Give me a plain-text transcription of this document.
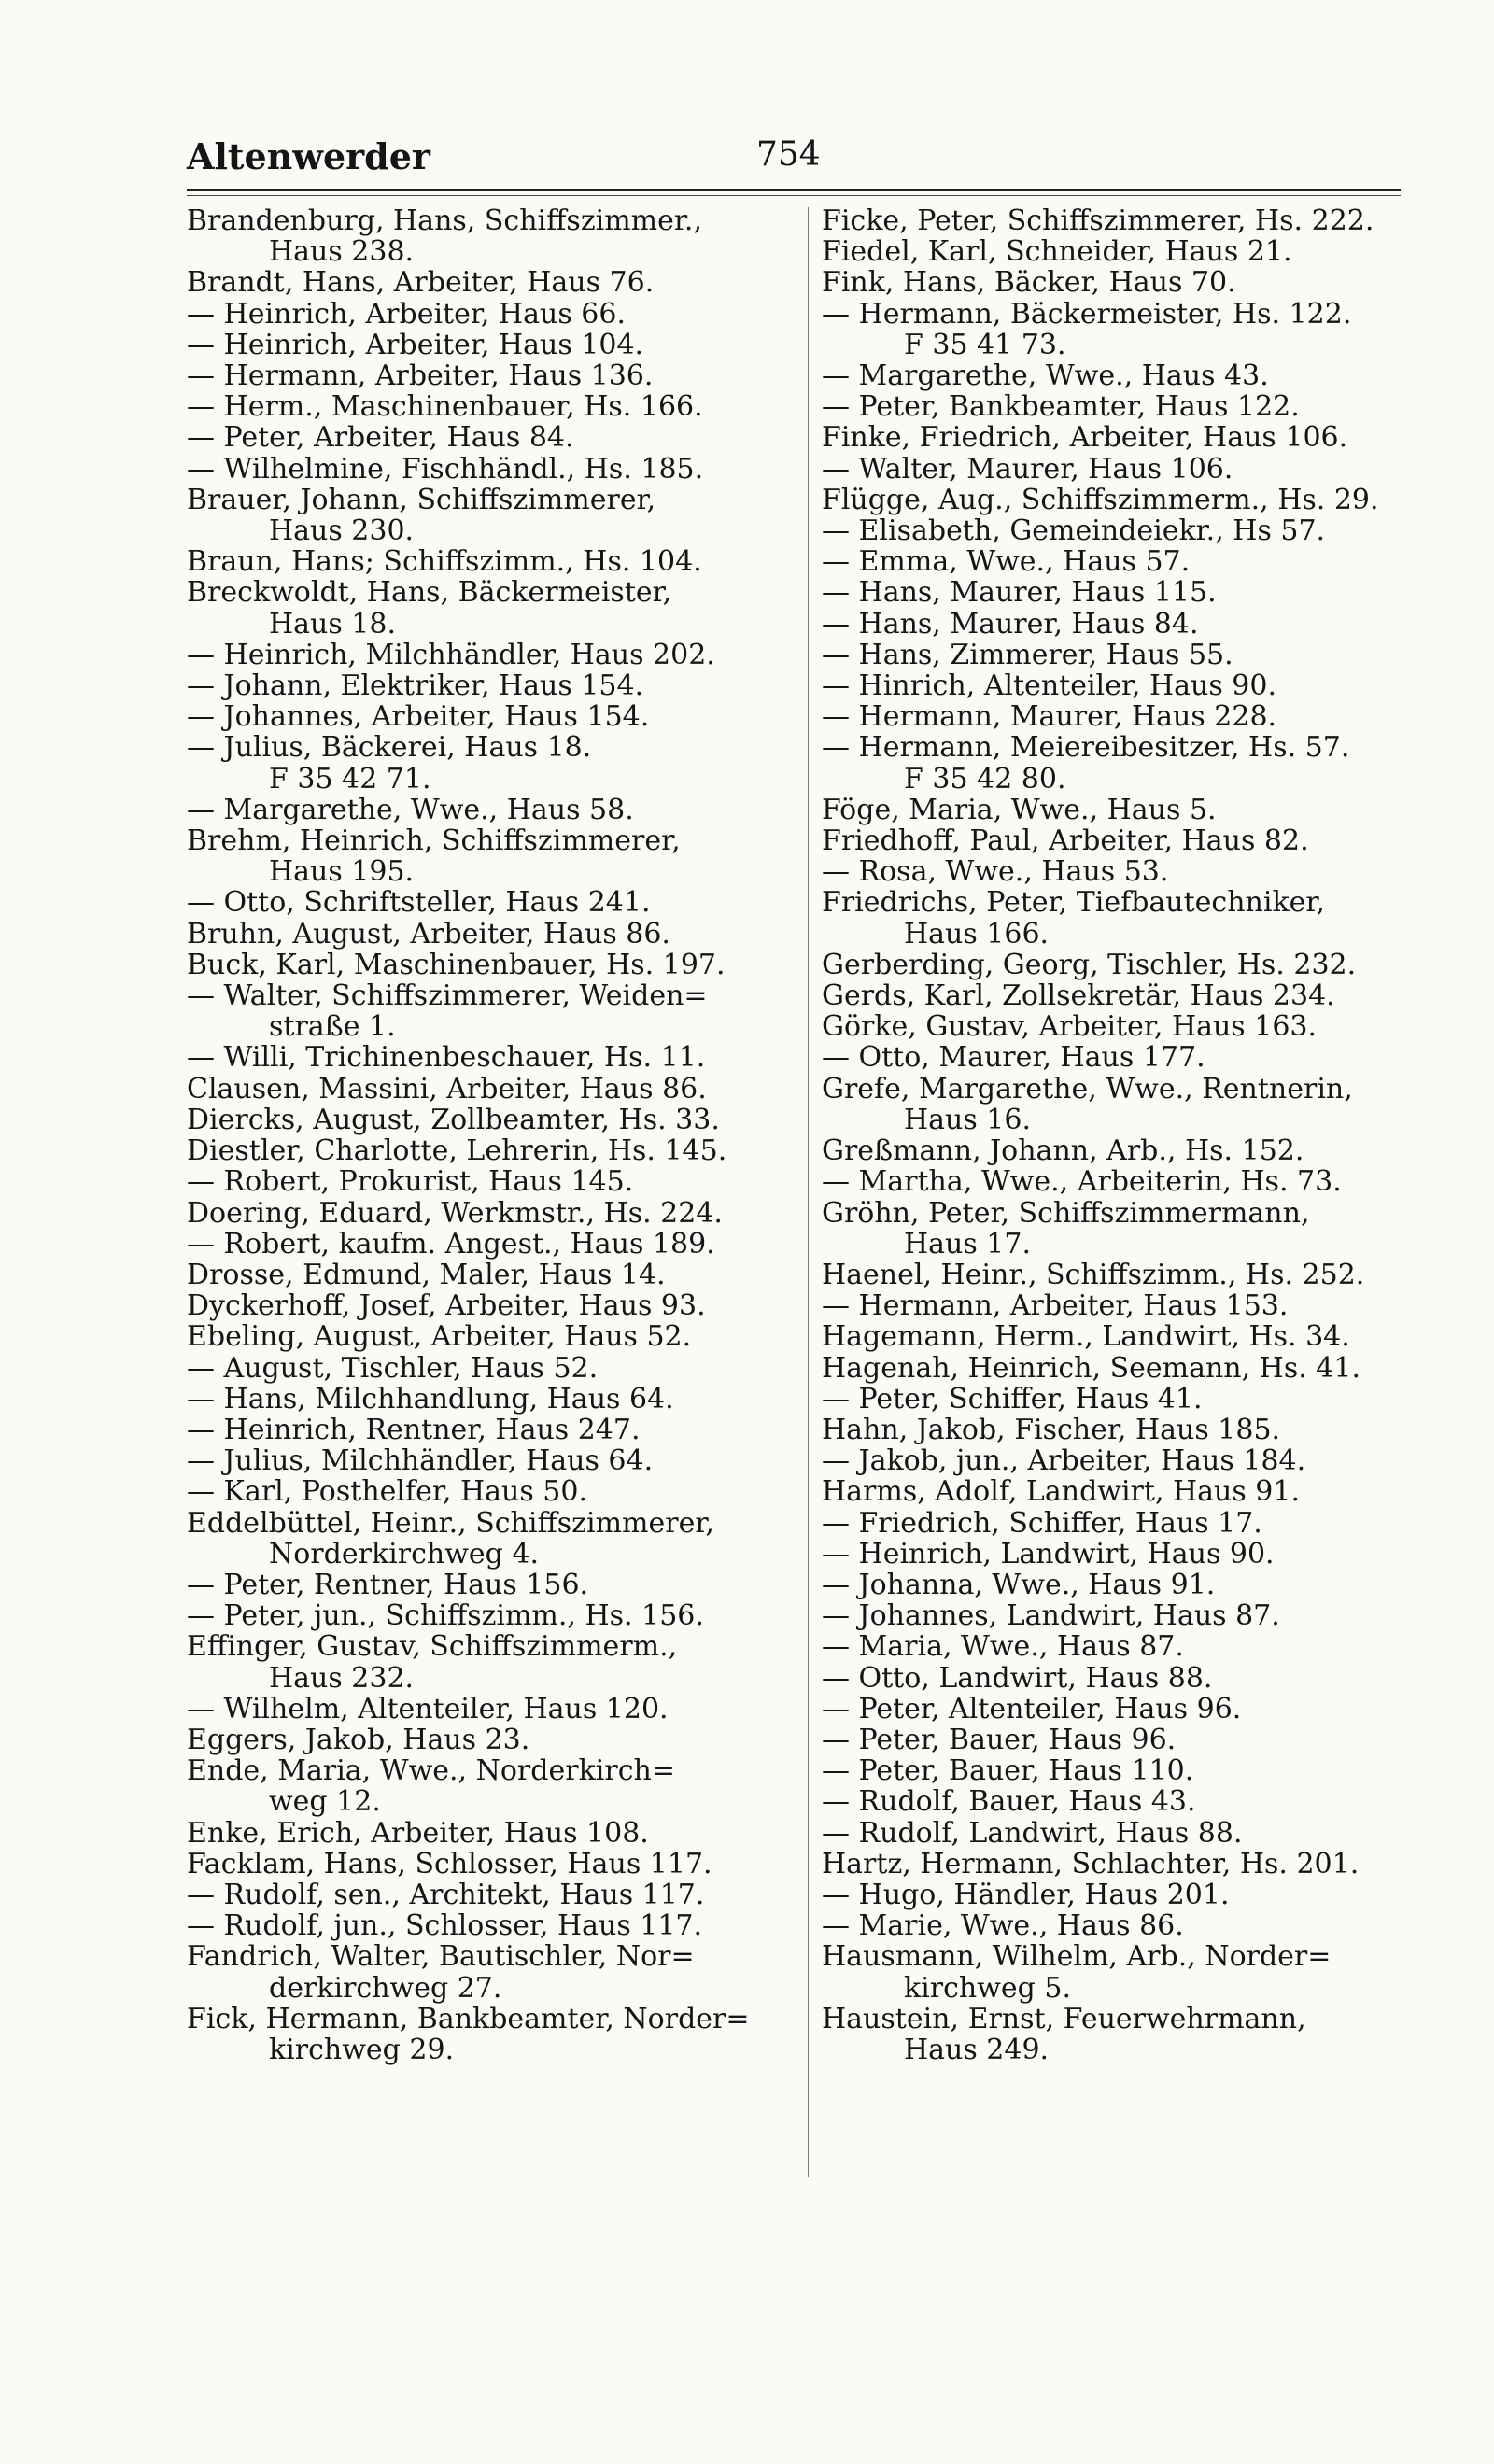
Altenwerder	754
Brandenburg, Hans, Schiffszimmer.,
Haus 238.
Brandt, Hans, Arbeiter, Haus 76.
— Heinrich, Arbeiter, Haus 66.
— Heinrich, Arbeiter, Haus 104.
— Hermann, Arbeiter, Haus 136.
— Herm., Maschinenbauer, Hs. 166.
— Peter, Arbeiter, Haus 84.
— Wilhelmine, Fischhändl., Hs. 185.
Brauer, Johann, Schiffszimmerer,
Haus 230.
Braun, Hans; Schiffszimm., Hs. 104.
Breckwoldt, Hans, Bäckermeister,
Haus 18.
— Heinrich, Milchhändler, Haus 202.
— Johann, Elektriker, Haus 154.
— Johannes, Arbeiter, Haus 154.
— Julius, Bäckerei, Haus 18.
F 35 42 71.
— Margarethe, Wwe., Haus 58.
Brehm, Heinrich, Schiffszimmerer,
Haus 195.
— Otto, Schriftsteller, Haus 241.
Bruhn, August, Arbeiter, Haus 86.
Buck, Karl, Maschinenbauer, Hs. 197.
— Walter, Schiffszimmerer, Weiden=
straße 1.
— Willi, Trichinenbeschauer, Hs. 11.
Clausen, Massini, Arbeiter, Haus 86.
Diercks, August, Zollbeamter, Hs. 33.
Diestler, Charlotte, Lehrerin, Hs. 145.
— Robert, Prokurist, Haus 145.
Doering, Eduard, Werkmstr., Hs. 224.
— Robert, kaufm. Angest., Haus 189.
Drosse, Edmund, Maler, Haus 14.
Dyckerhoff, Josef, Arbeiter, Haus 93.
Ebeling, August, Arbeiter, Haus 52.
— August, Tischler, Haus 52.
— Hans, Milchhandlung, Haus 64.
— Heinrich, Rentner, Haus 247.
— Julius, Milchhändler, Haus 64.
— Karl, Posthelfer, Haus 50.
Eddelbüttel, Heinr., Schiffszimmerer,
Norderkirchweg 4.
— Peter, Rentner, Haus 156.
— Peter, jun., Schiffszimm., Hs. 156.
Effinger, Gustav, Schiffszimmerm.,
Haus 232.
— Wilhelm, Altenteiler, Haus 120.
Eggers, Jakob, Haus 23.
Ende, Maria, Wwe., Norderkirch=
weg 12.
Enke, Erich, Arbeiter, Haus 108.
Facklam, Hans, Schlosser, Haus 117.
— Rudolf, sen., Architekt, Haus 117.
— Rudolf, jun., Schlosser, Haus 117.
Fandrich, Walter, Bautischler, Nor=
derkirchweg 27.
Fick, Hermann, Bankbeamter, Norder=
kirchweg 29.
Ficke, Peter, Schiffszimmerer, Hs. 222.
Fiedel, Karl, Schneider, Haus 21.
Fink, Hans, Bäcker, Haus 70.
— Hermann, Bäckermeister, Hs. 122.
F 35 41 73.
— Margarethe, Wwe., Haus 43.
— Peter, Bankbeamter, Haus 122.
Finke, Friedrich, Arbeiter, Haus 106.
— Walter, Maurer, Haus 106.
Flügge, Aug., Schiffszimmerm., Hs. 29.
— Elisabeth, Gemeindeiekr., Hs 57.
— Emma, Wwe., Haus 57.
— Hans, Maurer, Haus 115.
— Hans, Maurer, Haus 84.
— Hans, Zimmerer, Haus 55.
— Hinrich, Altenteiler, Haus 90.
— Hermann, Maurer, Haus 228.
— Hermann, Meiereibesitzer, Hs. 57.
F 35 42 80.
Föge, Maria, Wwe., Haus 5.
Friedhoff, Paul, Arbeiter, Haus 82.
— Rosa, Wwe., Haus 53.
Friedrichs, Peter, Tiefbautechniker,
Haus 166.
Gerberding, Georg, Tischler, Hs. 232.
Gerds, Karl, Zollsekretär, Haus 234.
Görke, Gustav, Arbeiter, Haus 163.
— Otto, Maurer, Haus 177.
Grefe, Margarethe, Wwe., Rentnerin,
Haus 16.
Greßmann, Johann, Arb., Hs. 152.
— Martha, Wwe., Arbeiterin, Hs. 73.
Gröhn, Peter, Schiffszimmermann,
Haus 17.
Haenel, Heinr., Schiffszimm., Hs. 252.
— Hermann, Arbeiter, Haus 153.
Hagemann, Herm., Landwirt, Hs. 34.
Hagenah, Heinrich, Seemann, Hs. 41.
— Peter, Schiffer, Haus 41.
Hahn, Jakob, Fischer, Haus 185.
— Jakob, jun., Arbeiter, Haus 184.
Harms, Adolf, Landwirt, Haus 91.
— Friedrich, Schiffer, Haus 17.
— Heinrich, Landwirt, Haus 90.
— Johanna, Wwe., Haus 91.
— Johannes, Landwirt, Haus 87.
— Maria, Wwe., Haus 87.
— Otto, Landwirt, Haus 88.
— Peter, Altenteiler, Haus 96.
— Peter, Bauer, Haus 96.
— Peter, Bauer, Haus 110.
— Rudolf, Bauer, Haus 43.
— Rudolf, Landwirt, Haus 88.
Hartz, Hermann, Schlachter, Hs. 201.
— Hugo, Händler, Haus 201.
— Marie, Wwe., Haus 86.
Hausmann, Wilhelm, Arb., Norder=
kirchweg 5.
Haustein, Ernst, Feuerwehrmann,
Haus 249.
